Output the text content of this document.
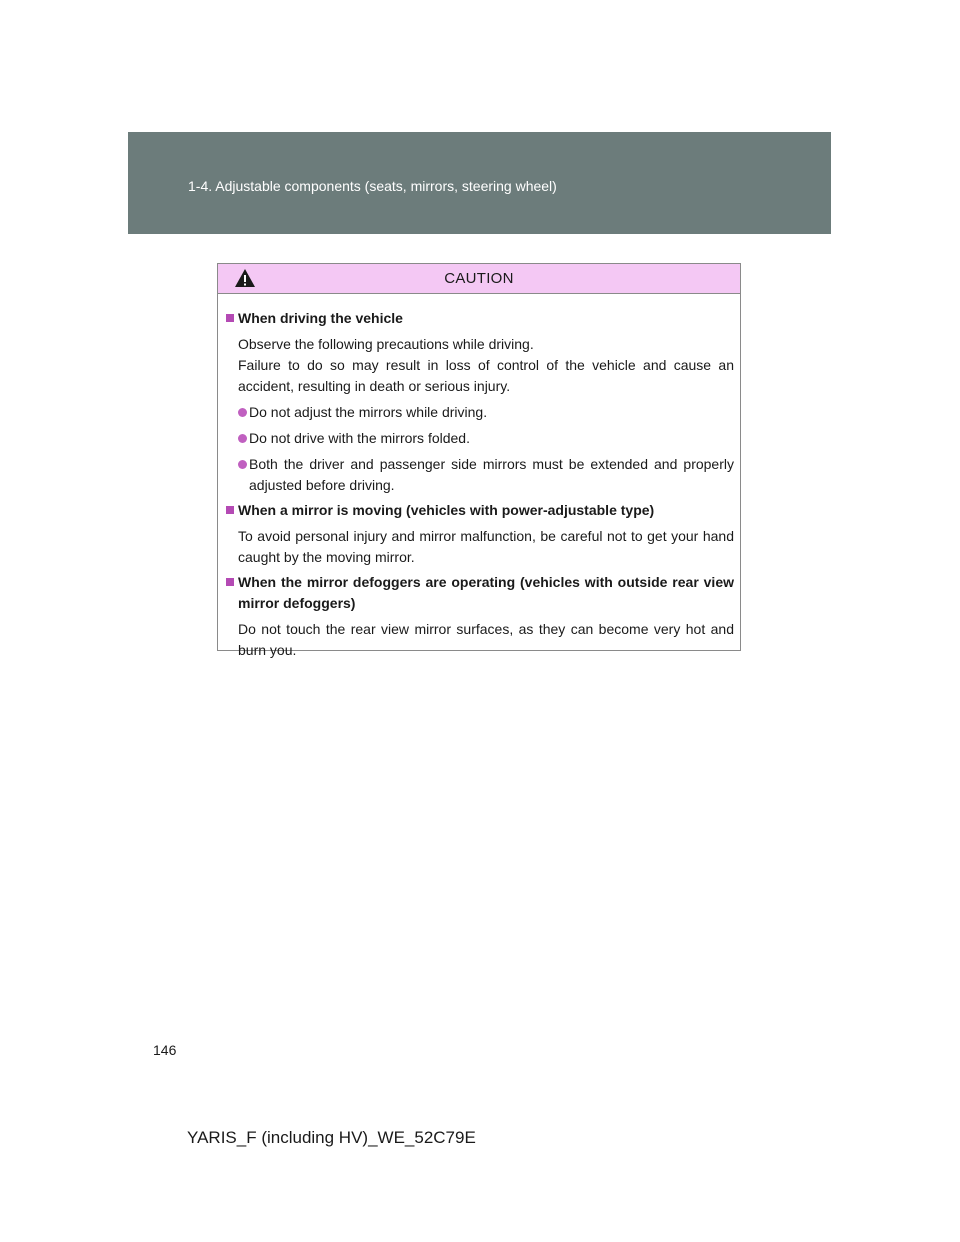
1-4. Adjustable components (seats, mirrors, steering wheel)
CAUTION
When driving the vehicle
Observe the following precautions while driving.
Failure to do so may result in loss of control of the vehicle and cause an accident, resulting in death or serious injury.
Do not adjust the mirrors while driving.
Do not drive with the mirrors folded.
Both the driver and passenger side mirrors must be extended and properly adjusted before driving.
When a mirror is moving (vehicles with power-adjustable type)
To avoid personal injury and mirror malfunction, be careful not to get your hand caught by the moving mirror.
When the mirror defoggers are operating (vehicles with outside rear view mirror defoggers)
Do not touch the rear view mirror surfaces, as they can become very hot and burn you.
146
YARIS_F (including HV)_WE_52C79E
